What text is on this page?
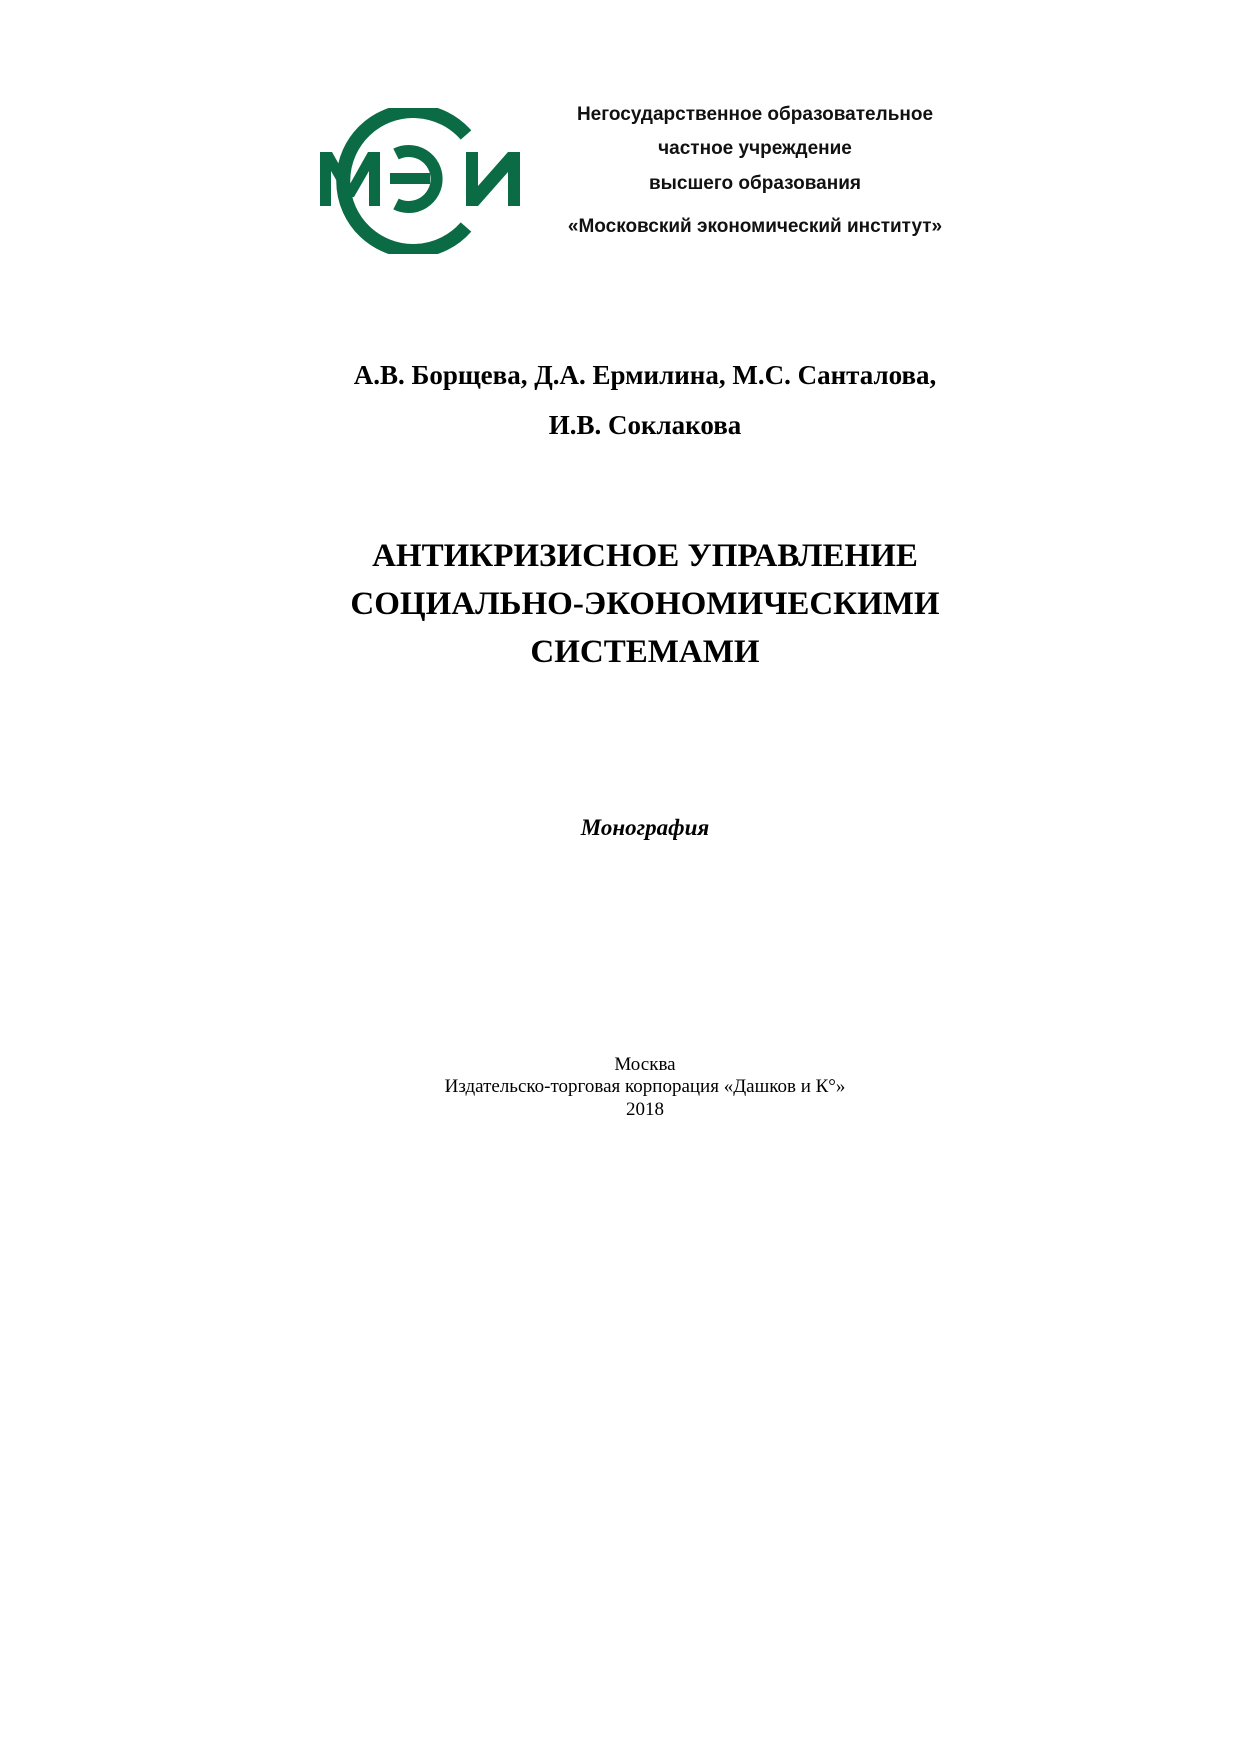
Негосударственное образовательное
частное учреждение
высшего образования
«Московский экономический институт»
А.В. Борщева, Д.А. Ермилина, М.С. Санталова,
И.В. Соклакова
АНТИКРИЗИСНОЕ УПРАВЛЕНИЕ
СОЦИАЛЬНО-ЭКОНОМИЧЕСКИМИ
СИСТЕМАМИ
Монография
Москва
Издательско-торговая корпорация «Дашков и К°»
2018
